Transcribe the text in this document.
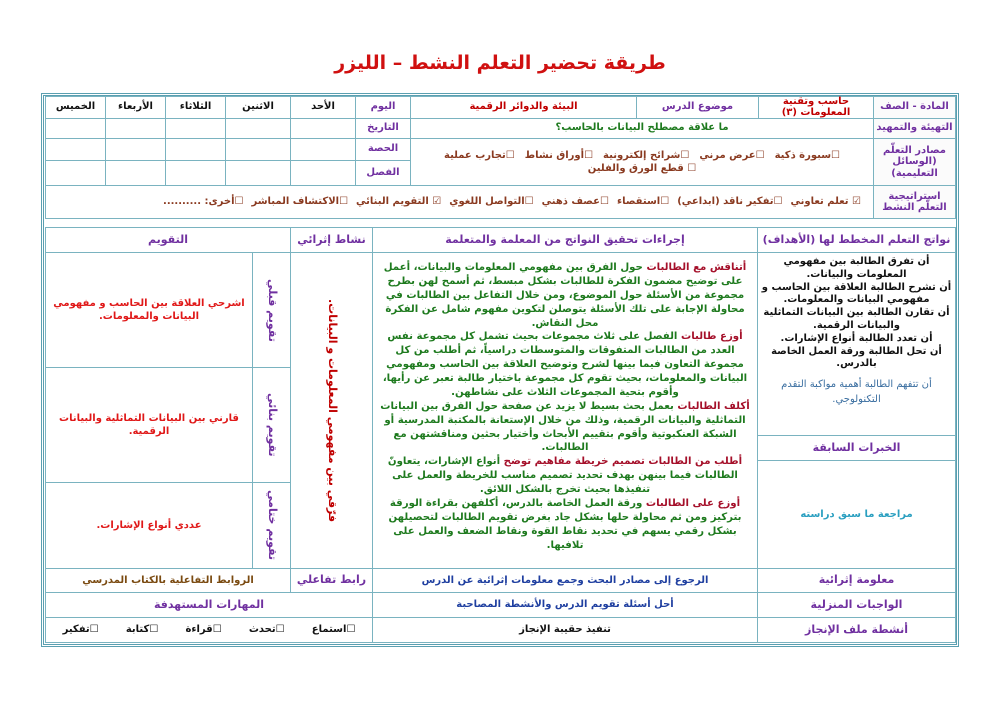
طريقة تحضير التعلم النشط – الليزر
المادة - الصف
حاسب وتقنية المعلومات (٣)
موضوع الدرس
البيئة والدوائر الرقمية
اليوم
الأحد
الاثنين
الثلاثاء
الأربعاء
الخميس
التهيئة والتمهيد
ما علاقة مصطلح البيانات بالحاسب؟
التاريخ
الحصة
الفصل
مصادر التعلّم (الوسائل التعليمية)
☐سبورة ذكية
☐عرض مرني
☐شرائح إلكترونية
☐أوراق نشاط
☐تجارب عملية
☐ قطع الورق والفلين
استراتيجية التعلّم النشط
☑ تعلم تعاوني
☐تفكير ناقد (ابداعي)
☐استقصاء
☐عصف ذهني
☐التواصل اللغوي
☑ التقويم البنائي
☐الاكتشاف المباشر
☐أخرى: ..........
نواتج التعلم المخطط لها (الأهداف)
أن تفرق الطالبة بين مفهومي المعلومات والبيانات.
أن تشرح الطالبة العلاقة بين الحاسب و مفهومي البيانات والمعلومات.
أن تقارن الطالبة بين البيانات التماثلية والبيانات الرقمية.
أن تعدد الطالبة أنواع الإشارات.
أن تحل الطالبة ورقة العمل الخاصة بالدرس.
أن تتفهم الطالبة أهمية مواكبة التقدم التكنولوجي.
الخبرات السابقة
مراجعة ما سبق دراسته
إجراءات تحقيق النواتج من المعلمة والمتعلمة

أتناقش مع الطالبات حول الفرق بين مفهومي المعلومات والبيانات، أعمل على توضيح مضمون الفكرة للطالبات بشكل مبسط، ثم أسمح لهن بطرح مجموعة من الأسئلة حول الموضوع، ومن خلال التفاعل بين الطالبات في محاولة الإجابة على تلك الأسئلة يتوصلن لتكوين مفهوم شامل عن الفكرة محل النقاش.

أوزع طالبات الفصل على ثلاث مجموعات بحيث تشمل كل مجموعة نفس العدد من الطالبات المتفوقات والمتوسطات دراسياً، ثم أطلب من كل مجموعة التعاون فيما بينها لشرح وتوضيح العلاقة بين الحاسب ومفهومي البيانات والمعلومات، بحيث تقوم كل مجموعة باختيار طالبة تعبر عن رأيها، وأقوم بتحية المجموعات الثلاث على نشاطهن.

أكلف الطالبات بعمل بحث بسيط لا يزيد عن صفحة حول الفرق بين البيانات التماثلية والبيانات الرقمية، وذلك من خلال الإستعانة بالمكتبة المدرسية أو الشبكة العنكبوتية وأقوم بتقييم الأبحاث وأختيار بحثين ومناقشتهن مع الطالبات.

أطلب من الطالبات تصميم خريطة مفاهيم توضح أنواع الإشارات، يتعاونّ الطالبات فيما بينهن بهدف تحديد تصميم مناسب للخريطة والعمل على تنفيذها بحيث تخرج بالشكل اللائق.

أوزع على الطالبات ورقة العمل الخاصة بالدرس، أكلفهن بقراءة الورقة بتركيز ومن ثم محاولة حلها بشكل جاد بغرض تقويم الطالبات لتحصيلهن بشكل رقمي يسهم في تحديد نقاط القوة ونقاط الضعف والعمل على تلافيها.

نشاط إثرائي
فرّقي بين مفهومي المعلومات و البيانات.
التقويم
تقويم قبلي
اشرحي العلاقة بين الحاسب و مفهومي البيانات والمعلومات.
تقويم بنائي
قارني بين البيانات التماثلية والبيانات الرقمية.
تقويم ختامي
عددي أنواع الإشارات.
معلومة إثرائية
الرجوع إلى مصادر البحث وجمع معلومات إثرائية عن الدرس
رابط تفاعلي
الروابط التفاعلية بالكتاب المدرسي
الواجبات المنزلية
أحل أسئلة تقويم الدرس والأنشطة المصاحبة
المهارات المستهدفة
أنشطة ملف الإنجاز
تنفيذ حقيبة الإنجاز
☐استماع
☐تحدث
☐قراءة
☐كتابة
☐تفكير
